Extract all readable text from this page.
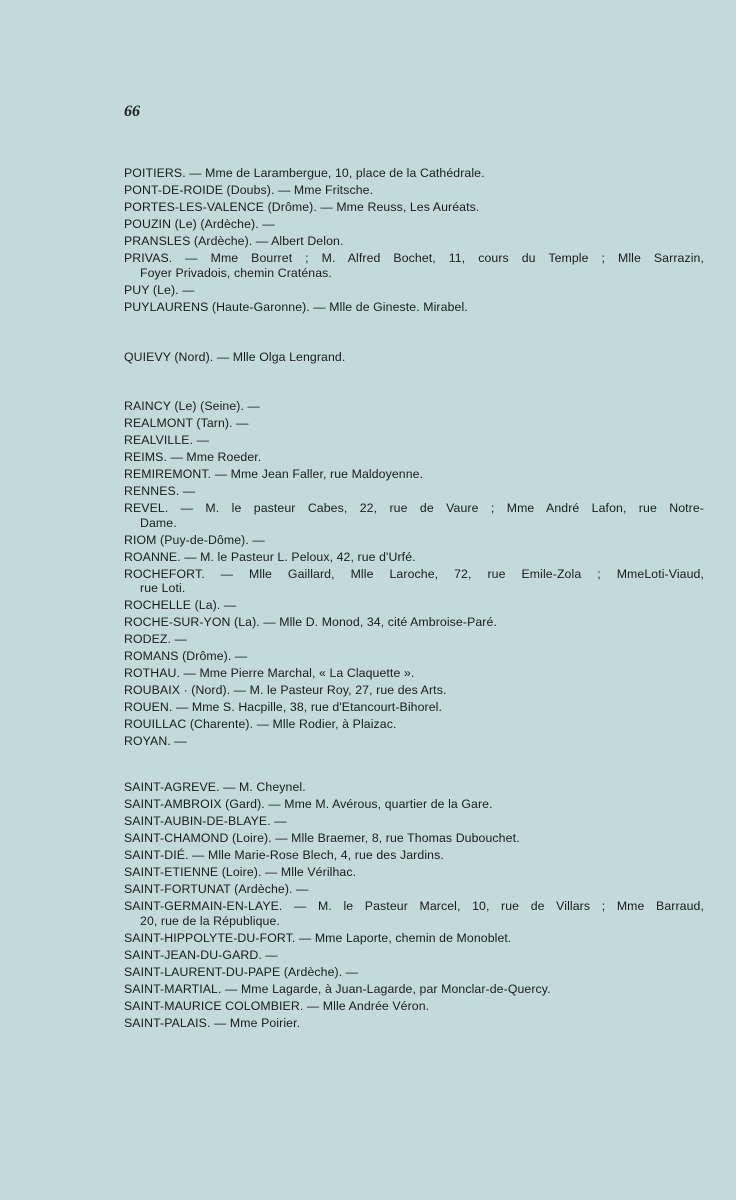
66
POITIERS. — Mme de Larambergue, 10, place de la Cathédrale.
PONT-DE-ROIDE (Doubs). — Mme Fritsche.
PORTES-LES-VALENCE (Drôme). — Mme Reuss, Les Auréats.
POUZIN (Le) (Ardèche). —
PRANSLES (Ardèche). — Albert Delon.
PRIVAS. — Mme Bourret ; M. Alfred Bochet, 11, cours du Temple ; Mlle Sarrazin,
Foyer Privadois, chemin Craténas.
PUY (Le). —
PUYLAURENS (Haute-Garonne). — Mlle de Gineste. Mirabel.
QUIEVY (Nord). — Mlle Olga Lengrand.
RAINCY (Le) (Seine). —
REALMONT (Tarn). —
REALVILLE. —
REIMS. — Mme Roeder.
REMIREMONT. — Mme Jean Faller, rue Maldoyenne.
RENNES. —
REVEL. — M. le pasteur Cabes, 22, rue de Vaure ; Mme André Lafon, rue Notre-
Dame.
RIOM (Puy-de-Dôme). —
ROANNE. — M. le Pasteur L. Peloux, 42, rue d'Urfé.
ROCHEFORT. — Mlle Gaillard, Mlle Laroche, 72, rue Emile-Zola ; MmeLoti-Viaud,
rue Loti.
ROCHELLE (La). —
ROCHE-SUR-YON (La). — Mlle D. Monod, 34, cité Ambroise-Paré.
RODEZ. —
ROMANS (Drôme). —
ROTHAU. — Mme Pierre Marchal, « La Claquette ».
ROUBAIX · (Nord). — M. le Pasteur Roy, 27, rue des Arts.
ROUEN. — Mme S. Hacpille, 38, rue d'Etancourt-Bihorel.
ROUILLAC (Charente). — Mlle Rodier, à Plaizac.
ROYAN. —
SAINT-AGREVE. — M. Cheynel.
SAINT-AMBROIX (Gard). — Mme M. Avérous, quartier de la Gare.
SAINT-AUBIN-DE-BLAYE. —
SAINT-CHAMOND (Loire). — Mlle Braemer, 8, rue Thomas Dubouchet.
SAINT-DIÉ. — Mlle Marie-Rose Blech, 4, rue des Jardins.
SAINT-ETIENNE (Loire). — Mlle Vérilhac.
SAINT-FORTUNAT (Ardèche). —
SAINT-GERMAIN-EN-LAYE. — M. le Pasteur Marcel, 10, rue de Villars ; Mme Barraud,
20, rue de la République.
SAINT-HIPPOLYTE-DU-FORT. — Mme Laporte, chemin de Monoblet.
SAINT-JEAN-DU-GARD. —
SAINT-LAURENT-DU-PAPE (Ardèche). —
SAINT-MARTIAL. — Mme Lagarde, à Juan-Lagarde, par Monclar-de-Quercy.
SAINT-MAURICE COLOMBIER. — Mlle Andrée Véron.
SAINT-PALAIS. — Mme Poirier.
